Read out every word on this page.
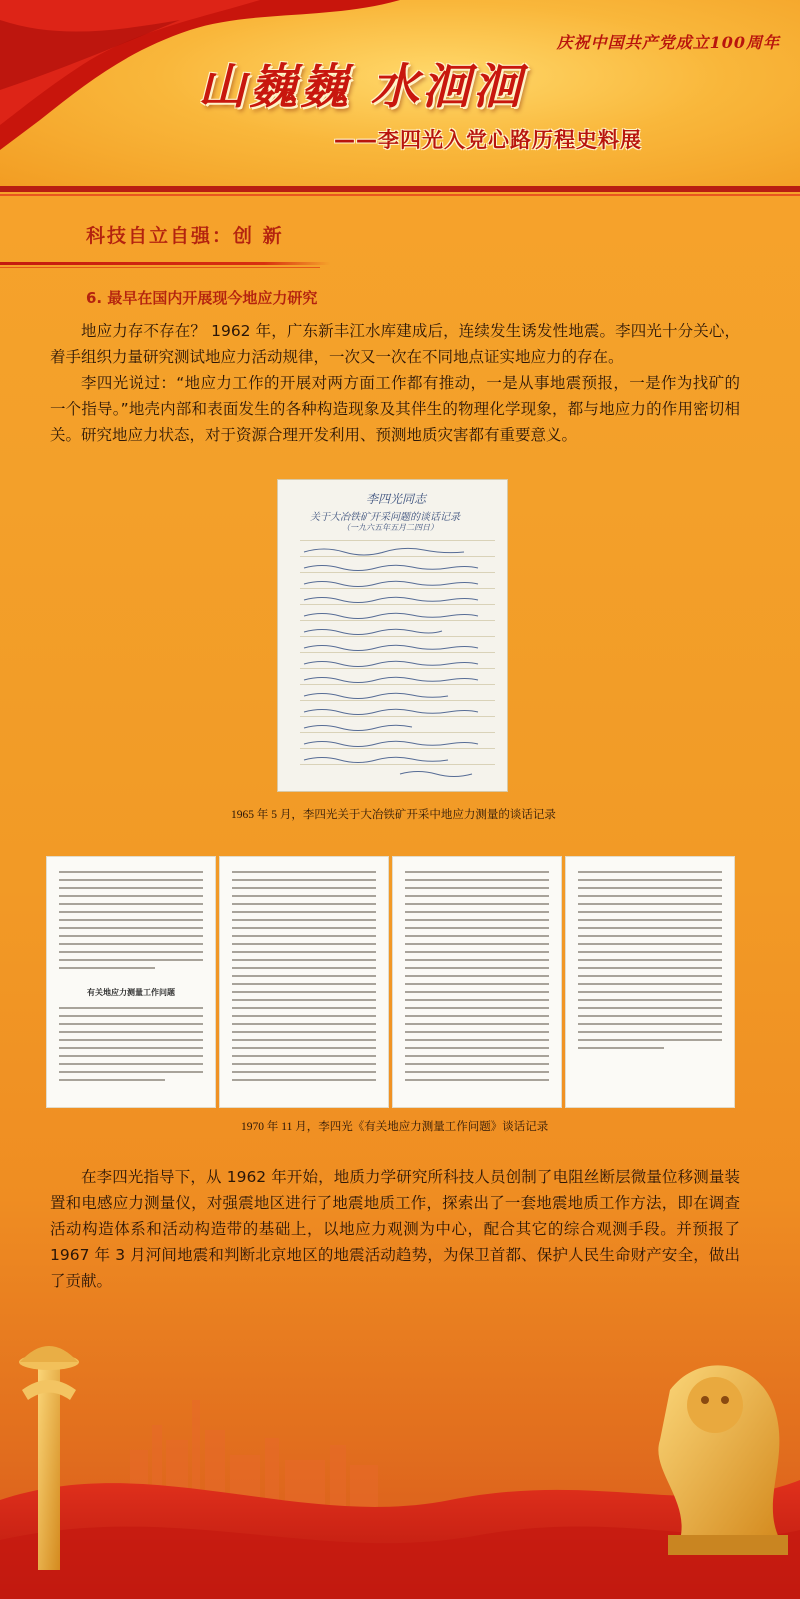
庆祝中国共产党成立100周年
山巍巍 水洄洄
——李四光入党心路历程史料展
科技自立自强：创 新
6. 最早在国内开展现今地应力研究

地应力存不存在？ 1962 年，广东新丰江水库建成后，连续发生诱发性地震。李四光十分关心，着手组织力量研究测试地应力活动规律，一次又一次在不同地点证实地应力的存在。

李四光说过：“地应力工作的开展对两方面工作都有推动，一是从事地震预报，一是作为找矿的一个指导。”地壳内部和表面发生的各种构造现象及其伴生的物理化学现象，都与地应力的作用密切相关。研究地应力状态，对于资源合理开发利用、预测地质灾害都有重要意义。

李四光同志
关于大冶铁矿开采问题的谈话记录
（一九六五年五月二四日）
1965 年 5 月，李四光关于大冶铁矿开采中地应力测量的谈话记录
有关地应力测量工作问题
1970 年 11 月，李四光《有关地应力测量工作问题》谈话记录

在李四光指导下，从 1962 年开始，地质力学研究所科技人员创制了电阻丝断层微量位移测量装置和电感应力测量仪，对强震地区进行了地震地质工作，探索出了一套地震地质工作方法，即在调查活动构造体系和活动构造带的基础上，以地应力观测为中心，配合其它的综合观测手段。并预报了 1967 年 3 月河间地震和判断北京地区的地震活动趋势，为保卫首都、保护人民生命财产安全，做出了贡献。
